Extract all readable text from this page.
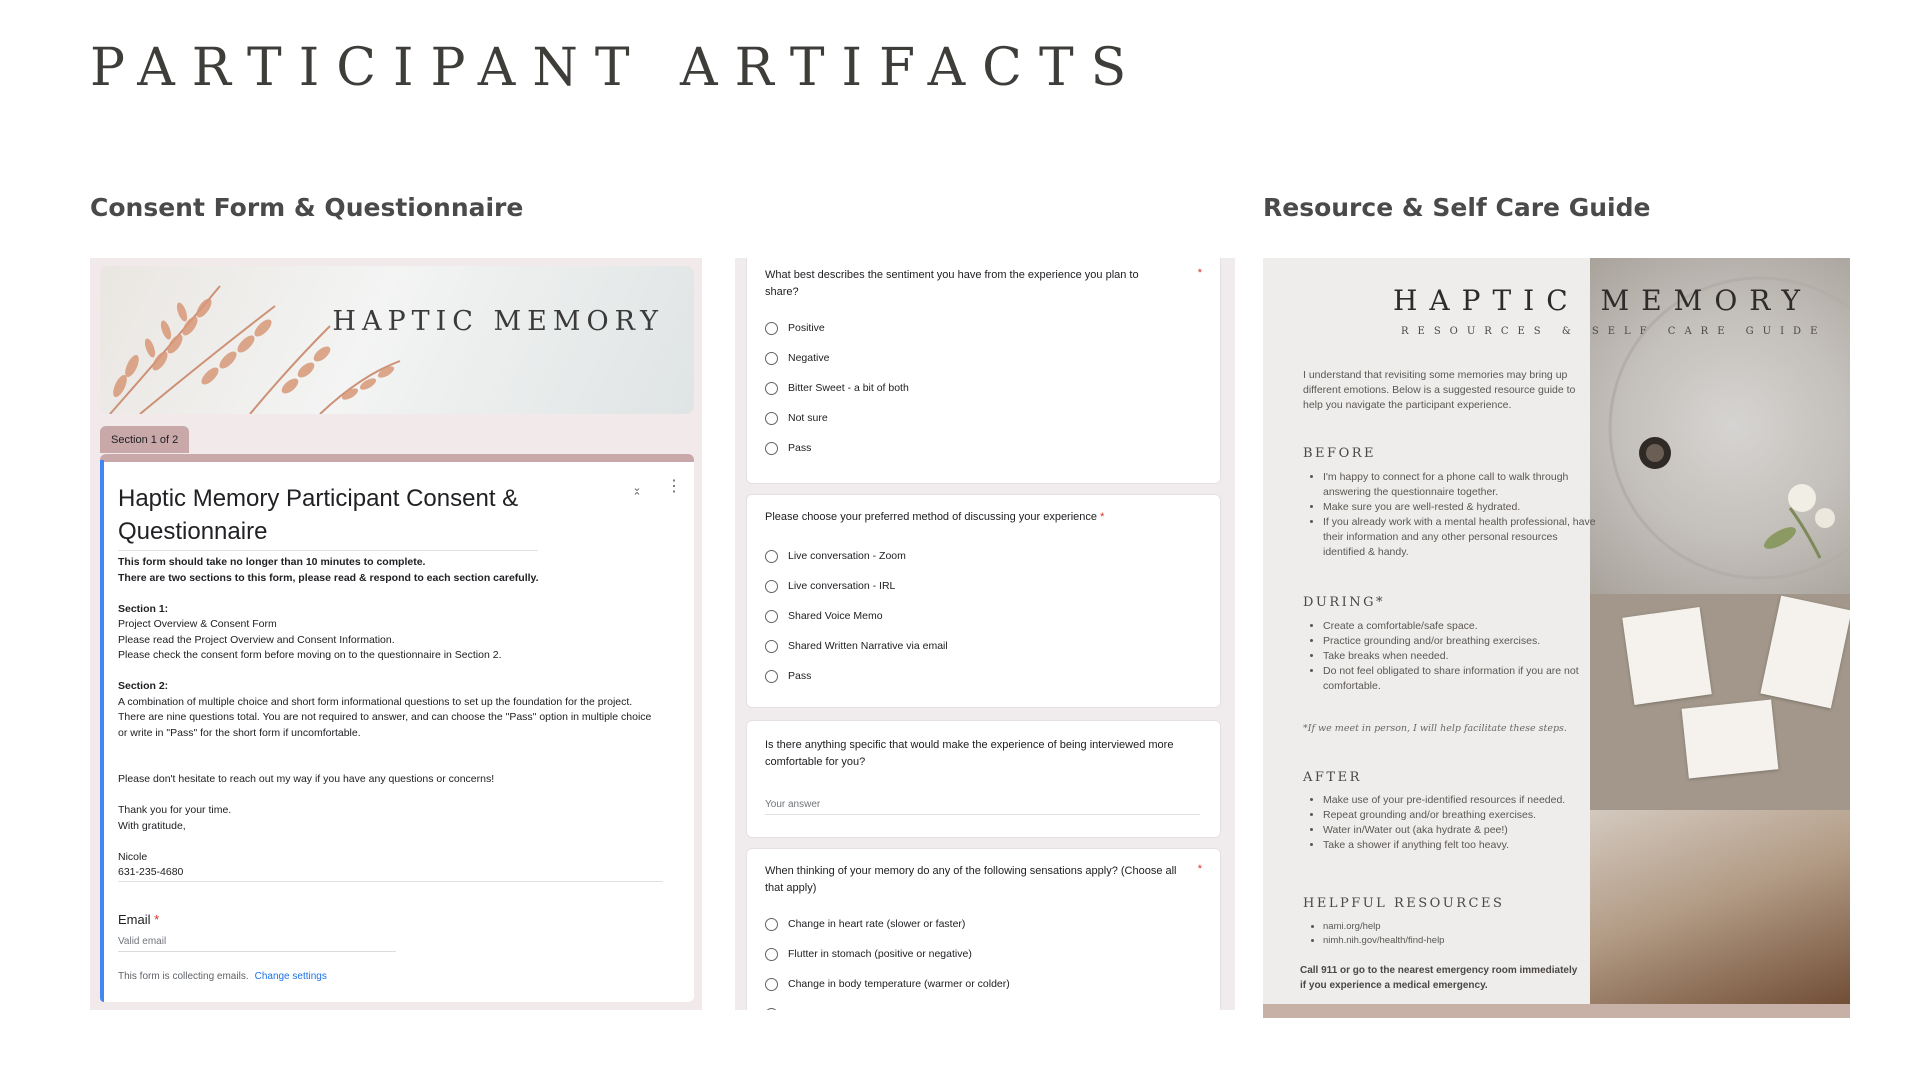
PARTICIPANT ARTIFACTS
Consent Form & Questionnaire	Resource & Self Care Guide
HAPTIC MEMORY
Section 1 of 2
Haptic Memory Participant Consent & Questionnaire
⌄
⌃
⋮

This form should take no longer than 10 minutes to complete.

There are two sections to this form, please read & respond to each section carefully.

Section 1:

Project Overview & Consent Form

Please read the Project Overview and Consent Information.

Please check the consent form before moving on to the questionnaire in Section 2.

Section 2:

A combination of multiple choice and short form informational questions to set up the foundation for the project.

There are nine questions total. You are not required to answer, and can choose the "Pass" option in multiple choice or write in "Pass" for the short form if uncomfortable.

Please don't hesitate to reach out my way if you have any questions or concerns!

Thank you for your time.

With gratitude,

Nicole

631-235-4680

Email *
Valid email
This form is collecting emails. Change settings
What best describes the sentiment you have from the experience you plan to share?
*
Positive
Negative
Bitter Sweet - a bit of both
Not sure
Pass
Please choose your preferred method of discussing your experience *
Live conversation - Zoom
Live conversation - IRL
Shared Voice Memo
Shared Written Narrative via email
Pass
Is there anything specific that would make the experience of being interviewed more comfortable for you?
Your answer
When thinking of your memory do any of the following sensations apply? (Choose all that apply)
*
Change in heart rate (slower or faster)
Flutter in stomach (positive or negative)
Change in body temperature (warmer or colder)
HAPTIC MEMORY
RESOURCES & SELF CARE GUIDE
I understand that revisiting some memories may bring up different emotions. Below is a suggested resource guide to help you navigate the participant experience.
BEFORE
• I'm happy to connect for a phone call to walk through answering the questionnaire together.
• Make sure you are well-rested & hydrated.
• If you already work with a mental health professional, have their information and any other personal resources identified & handy.
DURING*
• Create a comfortable/safe space.
• Practice grounding and/or breathing exercises.
• Take breaks when needed.
• Do not feel obligated to share information if you are not comfortable.
*If we meet in person, I will help facilitate these steps.
AFTER
• Make use of your pre-identified resources if needed.
• Repeat grounding and/or breathing exercises.
• Water in/Water out (aka hydrate & pee!)
• Take a shower if anything felt too heavy.
HELPFUL RESOURCES
• nami.org/help
• nimh.nih.gov/health/find-help
Call 911 or go to the nearest emergency room immediately if you experience a medical emergency.
